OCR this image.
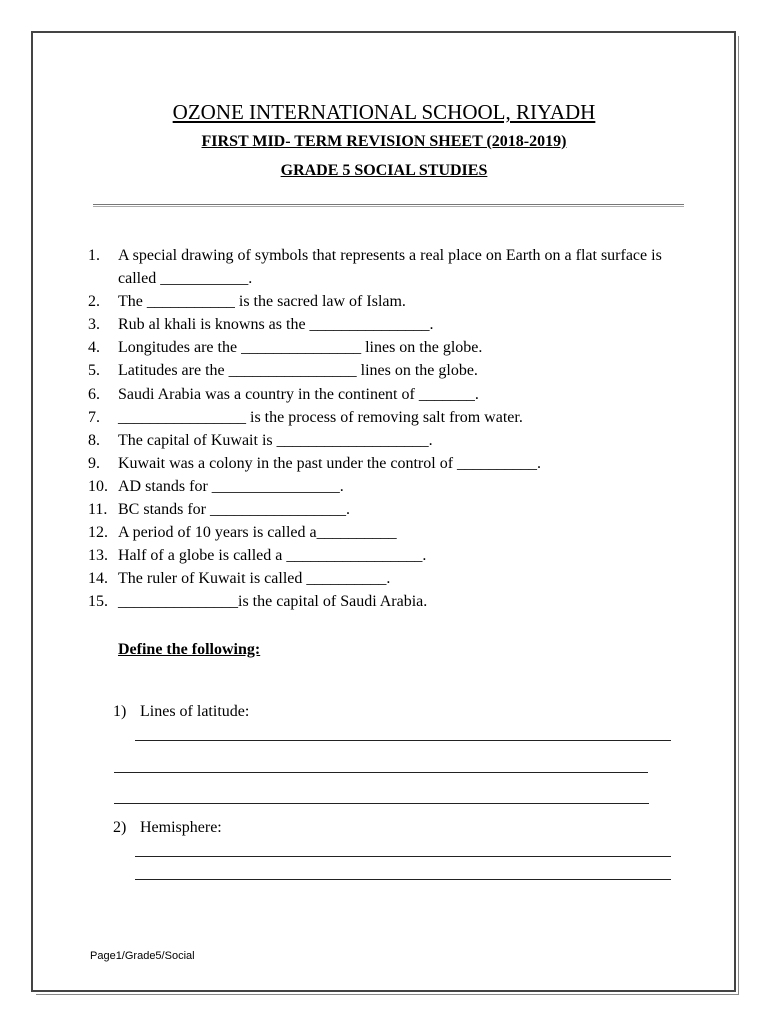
OZONE INTERNATIONAL SCHOOL, RIYADH
FIRST MID- TERM REVISION SHEET (2018-2019)
GRADE 5 SOCIAL STUDIES
1. A special drawing of symbols that represents a real place on Earth on a flat surface is called ___________.
2. The ___________ is the sacred law of Islam.
3. Rub al khali is knowns as the _______________.
4. Longitudes are the _______________ lines on the globe.
5. Latitudes are the ________________ lines on the globe.
6. Saudi Arabia was a country in the continent of _______.
7. ________________ is the process of removing salt from water.
8. The capital of Kuwait is ___________________.
9. Kuwait was a colony in the past under the control of __________.
10. AD stands for ________________.
11. BC stands for _________________.
12. A period of 10 years is called a__________
13. Half of a globe is called a _________________.
14. The ruler of Kuwait is called __________.
15. _______________is the capital of Saudi Arabia.
Define the following:
1) Lines of latitude:
2) Hemisphere:
Page1/Grade5/Social
